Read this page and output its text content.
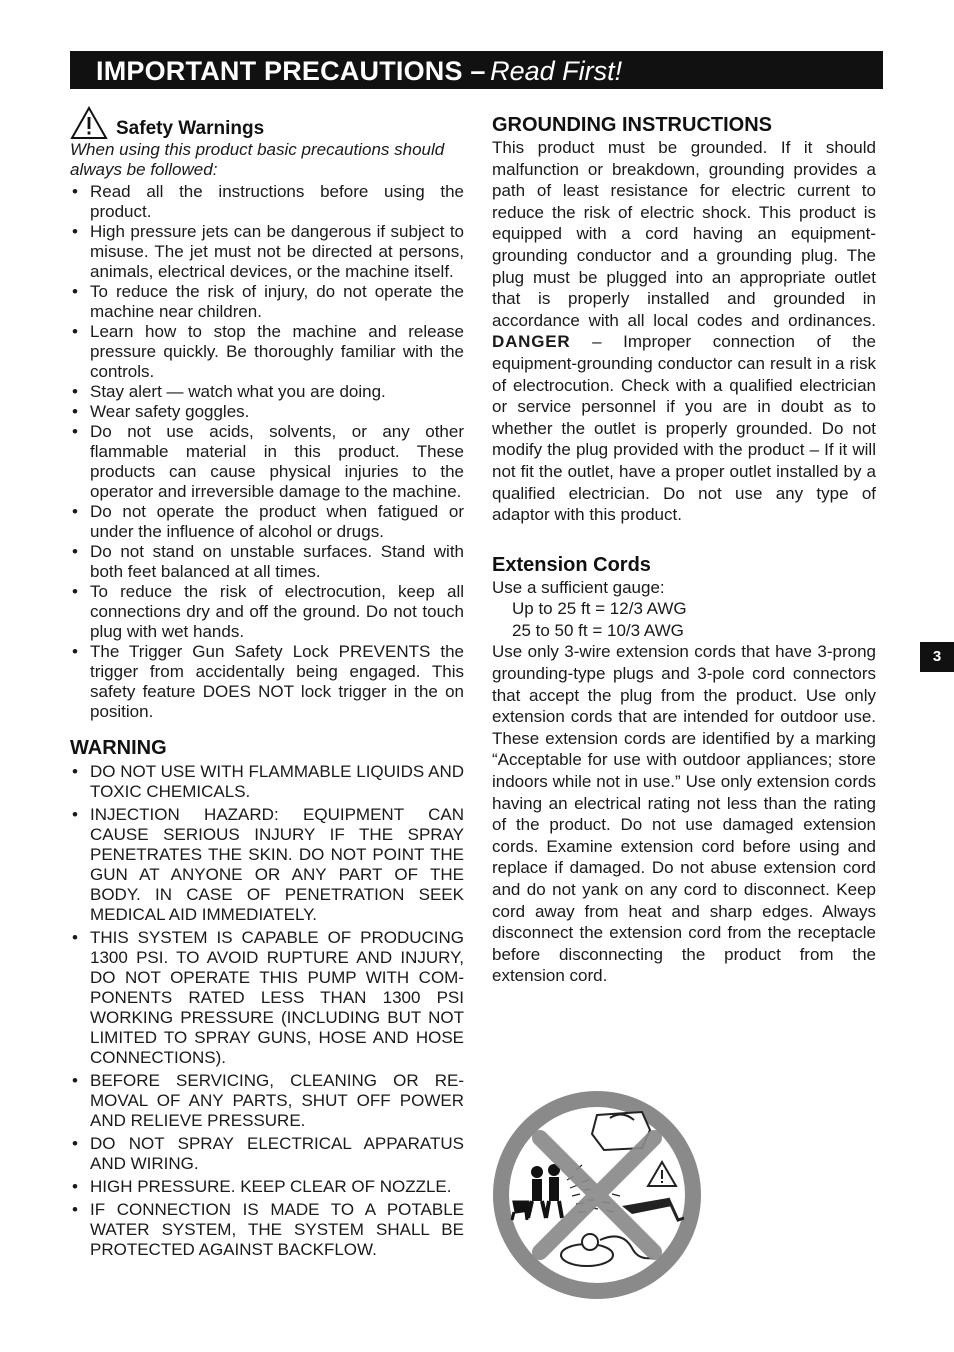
IMPORTANT PRECAUTIONS – Read First!
Safety Warnings

When using this product basic precautions should always be followed:

• Read all the instructions before using the product.
• High pressure jets can be dangerous if subject to misuse. The jet must not be directed at persons, animals, electrical devices, or the machine itself.
• To reduce the risk of injury, do not operate the machine near children.
• Learn how to stop the machine and release pressure quickly. Be thoroughly familiar with the controls.
• Stay alert — watch what you are doing.
• Wear safety goggles.
• Do not use acids, solvents, or any other flammable material in this product. These products can cause physical injuries to the operator and irreversible damage to the machine.
• Do not operate the product when fatigued or under the influence of alcohol or drugs.
• Do not stand on unstable surfaces. Stand with both feet balanced at all times.
• To reduce the risk of electrocution, keep all connections dry and off the ground. Do not touch plug with wet hands.
• The Trigger Gun Safety Lock PREVENTS the trigger from accidentally being engaged. This safety feature DOES NOT lock trigger in the on position.
WARNING
• DO NOT USE WITH FLAMMABLE LIQUIDS AND TOXIC CHEMICALS.
• INJECTION HAZARD: EQUIPMENT CAN CAUSE SERIOUS INJURY IF THE SPRAY PENETRATES THE SKIN. DO NOT POINT THE GUN AT ANYONE OR ANY PART OF THE BODY. IN CASE OF PENETRATION SEEK MEDICAL AID IMMEDIATELY.
• THIS SYSTEM IS CAPABLE OF PRODUCING 1300 PSI. TO AVOID RUPTURE AND INJURY, DO NOT OPERATE THIS PUMP WITH COM-PONENTS RATED LESS THAN 1300 PSI WORKING PRESSURE (INCLUDING BUT NOT LIMITED TO SPRAY GUNS, HOSE AND HOSE CONNECTIONS).
• BEFORE SERVICING, CLEANING OR RE-MOVAL OF ANY PARTS, SHUT OFF POWER AND RELIEVE PRESSURE.
• DO NOT SPRAY ELECTRICAL APPARATUS AND WIRING.
• HIGH PRESSURE. KEEP CLEAR OF NOZZLE.
• IF CONNECTION IS MADE TO A POTABLE WATER SYSTEM, THE SYSTEM SHALL BE PROTECTED AGAINST BACKFLOW.
GROUNDING INSTRUCTIONS

This product must be grounded. If it should malfunction or breakdown, grounding provides a path of least resistance for electric current to reduce the risk of electric shock. This product is equipped with a cord having an equipment-grounding conductor and a grounding plug. The plug must be plugged into an appropriate outlet that is properly installed and grounded in accordance with all local codes and ordinances. DANGER – Improper connection of the equipment-grounding conductor can result in a risk of electrocution. Check with a qualified electrician or service personnel if you are in doubt as to whether the outlet is properly grounded. Do not modify the plug provided with the product – If it will not fit the outlet, have a proper outlet installed by a qualified electrician. Do not use any type of adaptor with this product.

Extension Cords

Use a sufficient gauge:

Up to 25 ft = 12/3 AWG

25 to 50 ft = 10/3 AWG

Use only 3-wire extension cords that have 3-prong grounding-type plugs and 3-pole cord connectors that accept the plug from the product. Use only extension cords that are intended for outdoor use. These extension cords are identified by a marking “Acceptable for use with outdoor appliances; store indoors while not in use.” Use only extension cords having an electrical rating not less than the rating of the product. Do not use damaged extension cords. Examine extension cord before using and replace if damaged. Do not abuse extension cord and do not yank on any cord to disconnect. Keep cord away from heat and sharp edges. Always disconnect the extension cord from the receptacle before disconnecting the product from the extension cord.

3
